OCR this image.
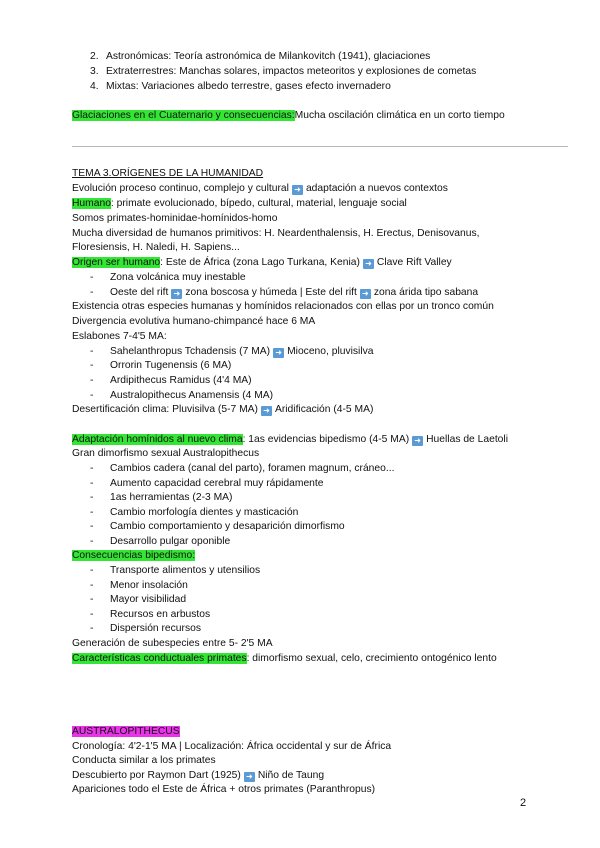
2. Astronómicas: Teoría astronómica de Milankovitch (1941), glaciaciones
3. Extraterrestres: Manchas solares, impactos meteoritos y explosiones de cometas
4. Mixtas: Variaciones albedo terrestre, gases efecto invernadero
Glaciaciones en el Cuaternario y consecuencias:Mucha oscilación climática en un corto tiempo
TEMA 3.ORÍGENES DE LA HUMANIDAD
Evolución proceso continuo, complejo y cultural ➜ adaptación a nuevos contextos
Humano: primate evolucionado, bípedo, cultural, material, lenguaje social
Somos primates-hominidae-homínidos-homo
Mucha diversidad de humanos primitivos: H. Neardenthalensis, H. Erectus, Denisovanus,
Floresiensis, H. Naledi, H. Sapiens...
Origen ser humano: Este de África (zona Lago Turkana, Kenia) ➜ Clave Rift Valley
- Zona volcánica muy inestable
- Oeste del rift ➜ zona boscosa y húmeda | Este del rift ➜ zona árida tipo sabana
Existencia otras especies humanas y homínidos relacionados con ellas por un tronco común
Divergencia evolutiva humano-chimpancé hace 6 MA
Eslabones 7-4'5 MA:
- Sahelanthropus Tchadensis (7 MA) ➜ Mioceno, pluvisilva
- Orrorin Tugenensis (6 MA)
- Ardipithecus Ramidus (4'4 MA)
- Australopithecus Anamensis (4 MA)
Desertificación clima: Pluvisilva (5-7 MA) ➜ Aridificación (4-5 MA)
Adaptación homínidos al nuevo clima: 1as evidencias bipedismo (4-5 MA) ➜ Huellas de Laetoli
Gran dimorfismo sexual Australopithecus
- Cambios cadera (canal del parto), foramen magnum, cráneo...
- Aumento capacidad cerebral muy rápidamente
- 1as herramientas (2-3 MA)
- Cambio morfología dientes y masticación
- Cambio comportamiento y desaparición dimorfismo
- Desarrollo pulgar oponible
Consecuencias bipedismo:
- Transporte alimentos y utensilios
- Menor insolación
- Mayor visibilidad
- Recursos en arbustos
- Dispersión recursos
Generación de subespecies entre 5- 2'5 MA
Características conductuales primates: dimorfismo sexual, celo, crecimiento ontogénico lento
AUSTRALOPITHECUS
Cronología: 4'2-1'5 MA | Localización: África occidental y sur de África
Conducta similar a los primates
Descubierto por Raymon Dart (1925) ➜ Niño de Taung
Apariciones todo el Este de África + otros primates (Paranthropus)
2
